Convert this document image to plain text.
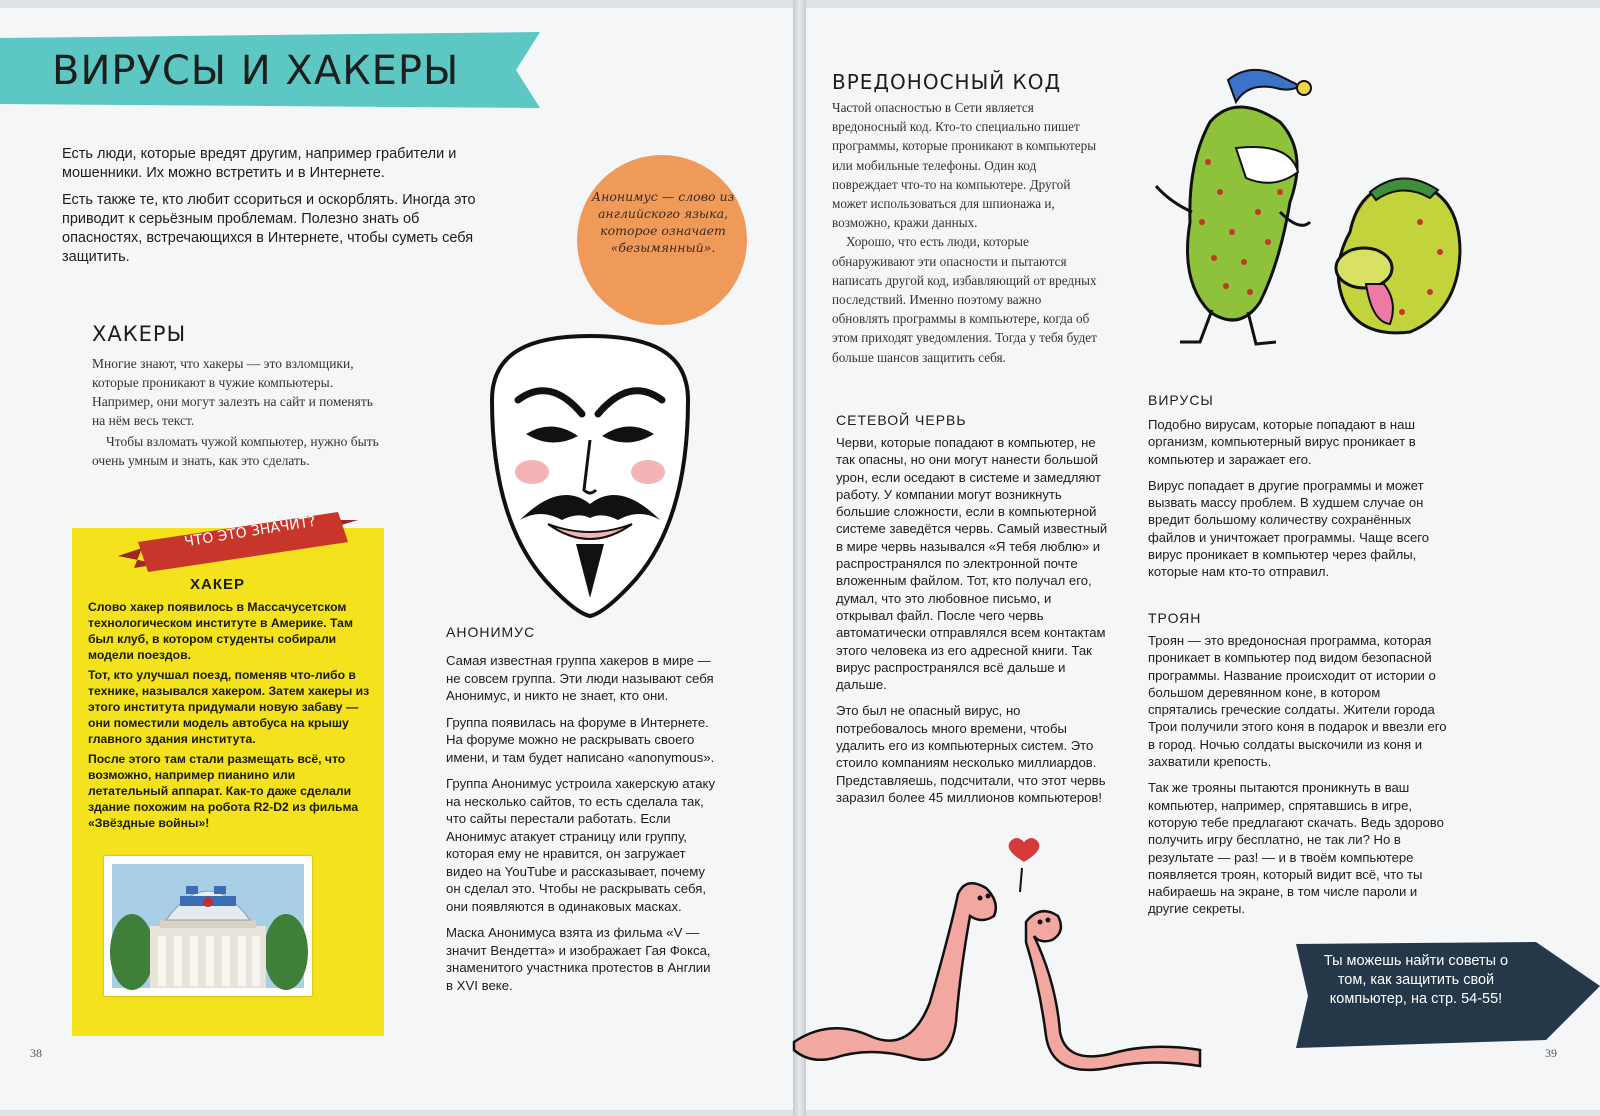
ВИРУСЫ И ХАКЕРЫ

Есть люди, которые вредят другим, например грабители и мошенники. Их можно встретить и в Интернете.

Есть также те, кто любит ссориться и оскорблять. Иногда это приводит к серьёзным проблемам. Полезно знать об опасностях, встречающихся в Интернете, чтобы суметь себя защитить.

Анонимус — слово из английского языка, которое означает «безымянный».
ХАКЕРЫ

Многие знают, что хакеры — это взломщики, которые проникают в чужие компьютеры. Например, они могут залезть на сайт и поменять на нём весь текст.

Чтобы взломать чужой компьютер, нужно быть очень умным и знать, как это сделать.

ЧТО ЭТО ЗНАЧИТ?
ХАКЕР

Слово хакер появилось в Массачусетском технологическом институте в Америке. Там был клуб, в котором студенты собирали модели поездов.

Тот, кто улучшал поезд, поменяв что-либо в технике, назывался хакером. Затем хакеры из этого института придумали новую забаву — они поместили модель автобуса на крышу главного здания института.

После этого там стали размещать всё, что возможно, например пианино или летательный аппарат. Как-то даже сделали здание похожим на робота R2-D2 из фильма «Звёздные войны»!

АНОНИМУС

Самая известная группа хакеров в мире — не совсем группа. Эти люди называют себя Анонимус, и никто не знает, кто они.

Группа появилась на форуме в Интернете. На форуме можно не раскрывать своего имени, и там будет написано «anonymous».

Группа Анонимус устроила хакерскую атаку на несколько сайтов, то есть сделала так, что сайты перестали работать. Если Анонимус атакует страницу или группу, которая ему не нравится, он загружает видео на YouTube и рассказывает, почему он сделал это. Чтобы не раскрывать себя, они появляются в одинаковых масках.

Маска Анонимуса взята из фильма «V — значит Вендетта» и изображает Гая Фокса, знаменитого участника протестов в Англии в XVI веке.

38
ВРЕДОНОСНЫЙ КОД

Частой опасностью в Сети является вредоносный код. Кто-то специально пишет программы, которые проникают в компьютеры или мобильные телефоны. Один код повреждает что-то на компьютере. Другой может использоваться для шпионажа и, возможно, кражи данных.

Хорошо, что есть люди, которые обнаруживают эти опасности и пытаются написать другой код, избавляющий от вредных последствий. Именно поэтому важно обновлять программы в компьютере, когда об этом приходят уведомления. Тогда у тебя будет больше шансов защитить себя.

СЕТЕВОЙ ЧЕРВЬ

Черви, которые попадают в компьютер, не так опасны, но они могут нанести большой урон, если оседают в системе и замедляют работу. У компании могут возникнуть большие сложности, если в компьютерной системе заведётся червь. Самый известный в мире червь назывался «Я тебя люблю» и распространялся по электронной почте вложенным файлом. Тот, кто получал его, думал, что это любовное письмо, и открывал файл. После чего червь автоматически отправлялся всем контактам этого человека из его адресной книги. Так вирус распространялся всё дальше и дальше.

Это был не опасный вирус, но потребовалось много времени, чтобы удалить его из компьютерных систем. Это стоило компаниям несколько миллиардов. Представляешь, подсчитали, что этот червь заразил более 45 миллионов компьютеров!

ВИРУСЫ

Подобно вирусам, которые попадают в наш организм, компьютерный вирус проникает в компьютер и заражает его.

Вирус попадает в другие программы и может вызвать массу проблем. В худшем случае он вредит большому количеству сохранённых файлов и уничтожает программы. Чаще всего вирус проникает в компьютер через файлы, которые нам кто-то отправил.

ТРОЯН

Троян — это вредоносная программа, которая проникает в компьютер под видом безопасной программы. Название происходит от истории о большом деревянном коне, в котором спрятались греческие солдаты. Жители города Трои получили этого коня в подарок и ввезли его в город. Ночью солдаты выскочили из коня и захватили крепость.

Так же трояны пытаются проникнуть в ваш компьютер, например, спрятавшись в игре, которую тебе предлагают скачать. Ведь здорово получить игру бесплатно, не так ли? Но в результате — раз! — и в твоём компьютере появляется троян, который видит всё, что ты набираешь на экране, в том числе пароли и другие секреты.

Ты можешь найти советы о том, как защитить свой компьютер, на стр. 54-55!
39
